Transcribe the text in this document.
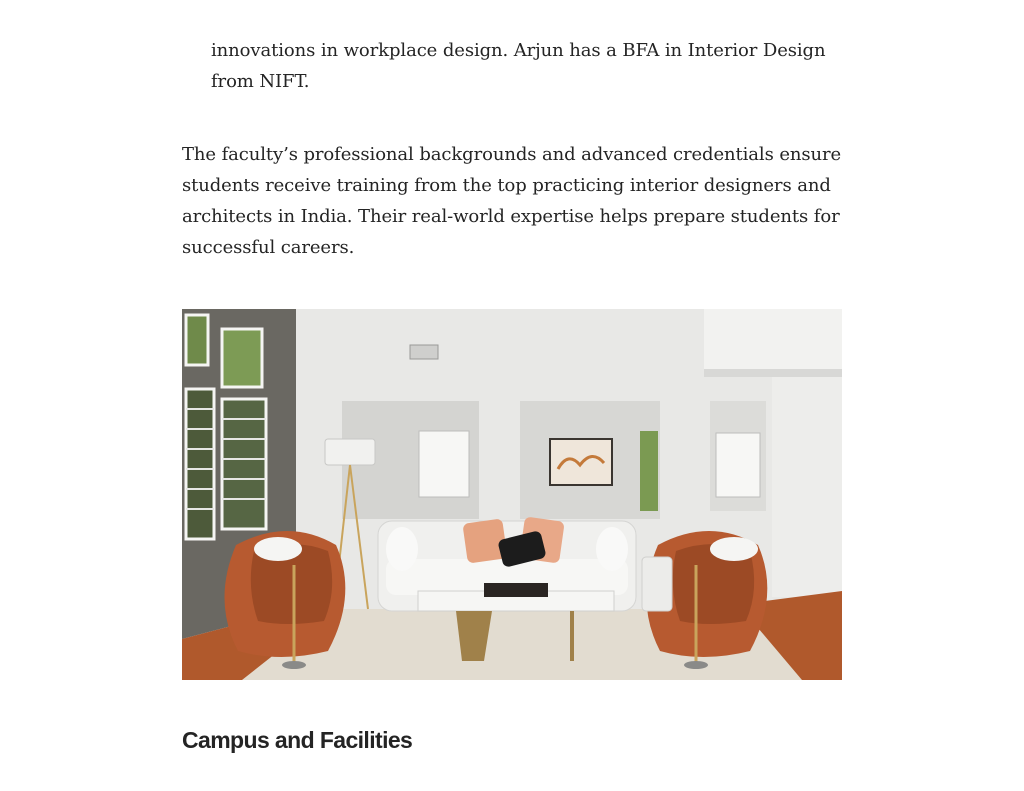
innovations in workplace design. Arjun has a BFA in Interior Design from NIFT.
The faculty’s professional backgrounds and advanced credentials ensure students receive training from the top practicing interior designers and architects in India. Their real-world expertise helps prepare students for successful careers.
Campus and Facilities
